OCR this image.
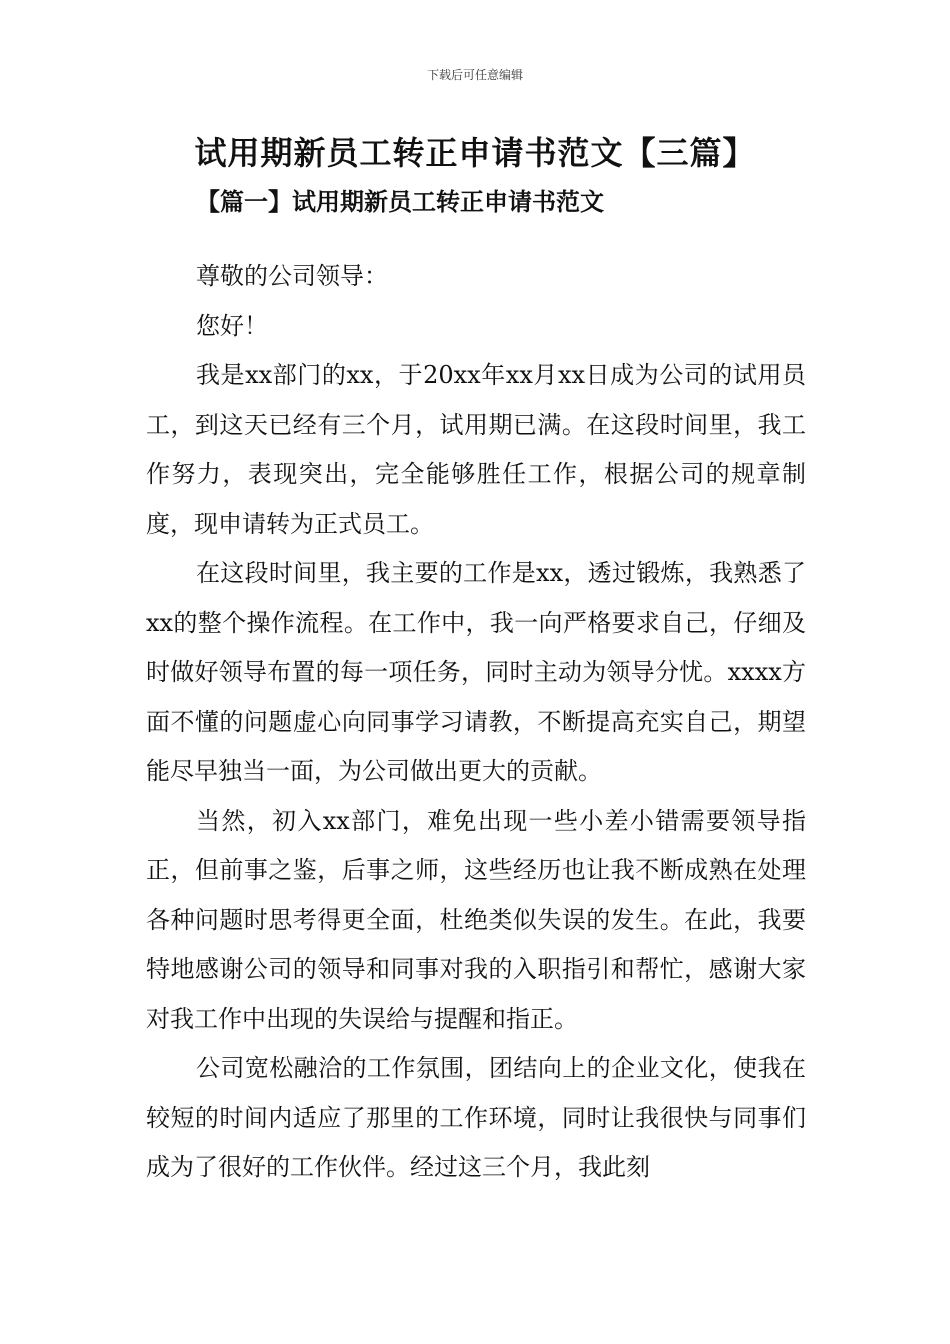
下载后可任意编辑
试用期新员工转正申请书范文【三篇】
【篇一】试用期新员工转正申请书范文

尊敬的公司领导：

您好！

我是xx部门的xx，于20xx年xx月xx日成为公司的试用员工，到这天已经有三个月，试用期已满。在这段时间里，我工作努力，表现突出，完全能够胜任工作，根据公司的规章制度，现申请转为正式员工。

在这段时间里，我主要的工作是xx，透过锻炼，我熟悉了xx的整个操作流程。在工作中，我一向严格要求自己，仔细及时做好领导布置的每一项任务，同时主动为领导分忧。xxxx方面不懂的问题虚心向同事学习请教，不断提高充实自己，期望能尽早独当一面，为公司做出更大的贡献。

当然，初入xx部门，难免出现一些小差小错需要领导指正，但前事之鉴，后事之师，这些经历也让我不断成熟在处理各种问题时思考得更全面，杜绝类似失误的发生。在此，我要特地感谢公司的领导和同事对我的入职指引和帮忙，感谢大家对我工作中出现的失误给与提醒和指正。

公司宽松融洽的工作氛围，团结向上的企业文化，使我在较短的时间内适应了那里的工作环境，同时让我很快与同事们成为了很好的工作伙伴。经过这三个月，我此刻
